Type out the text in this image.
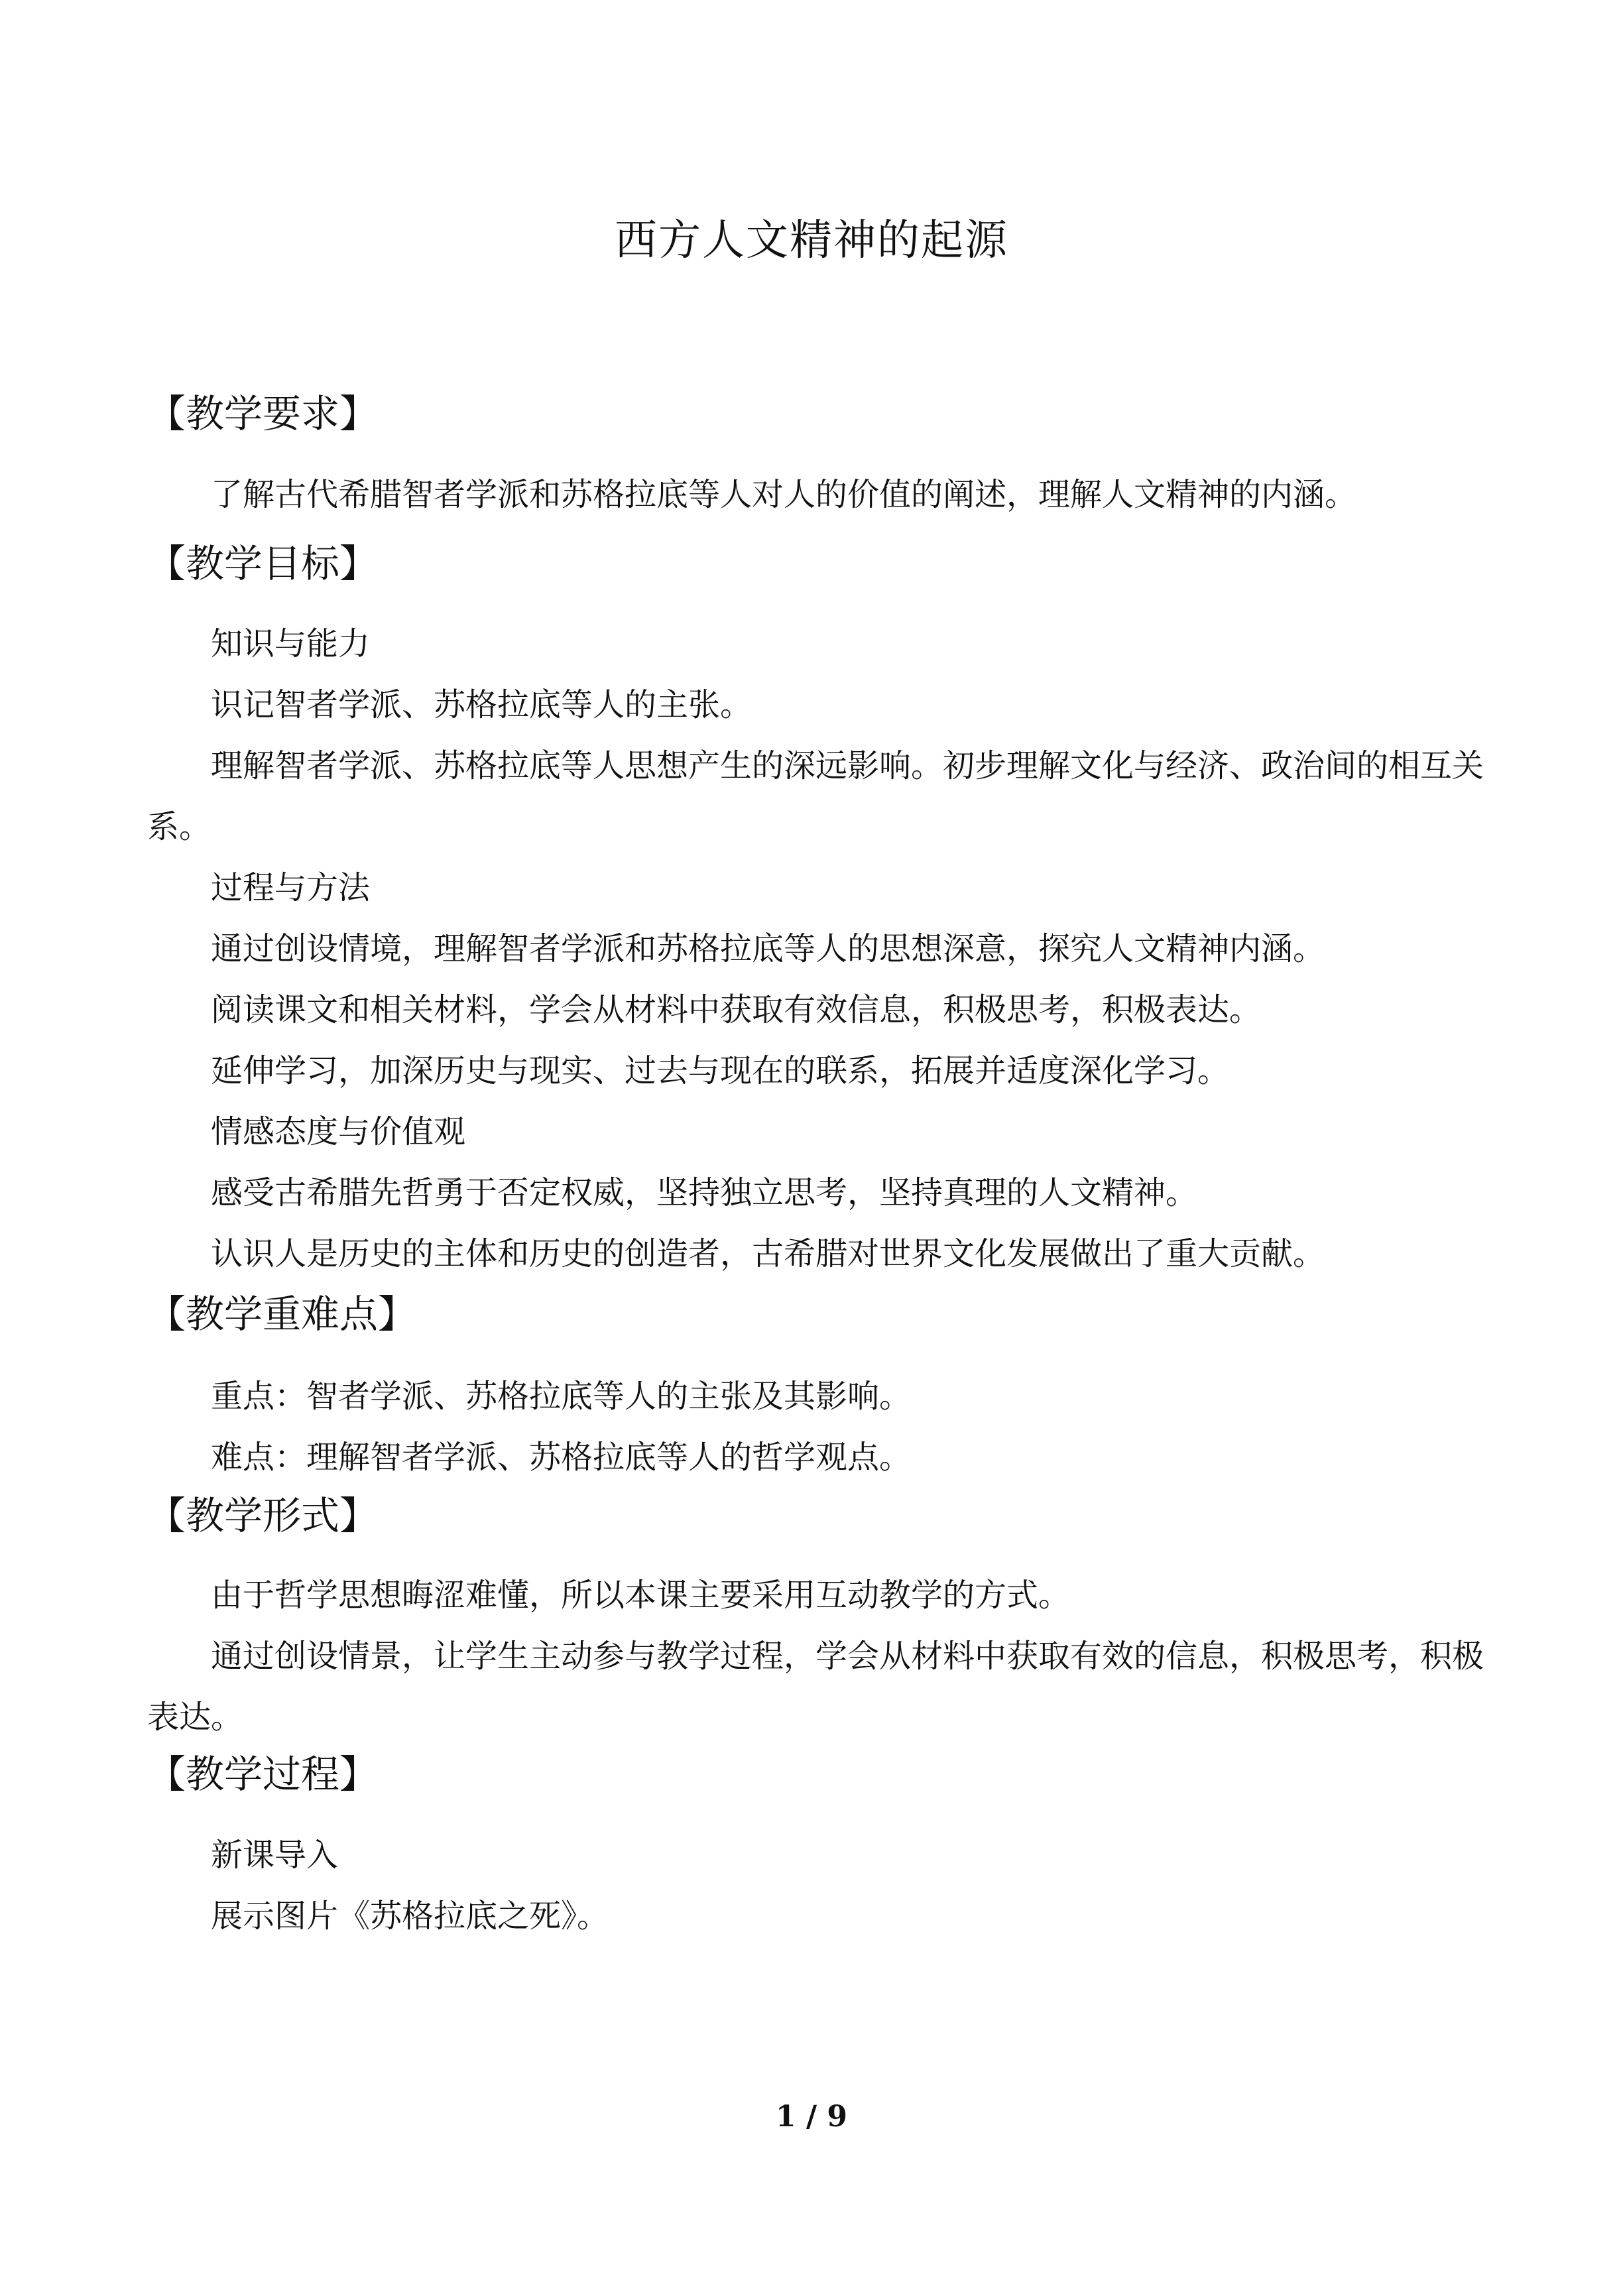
西方人文精神的起源
【教学要求】
了解古代希腊智者学派和苏格拉底等人对人的价值的阐述，理解人文精神的内涵。
【教学目标】
知识与能力
识记智者学派、苏格拉底等人的主张。
理解智者学派、苏格拉底等人思想产生的深远影响。初步理解文化与经济、政治间的相互关系。
过程与方法
通过创设情境，理解智者学派和苏格拉底等人的思想深意，探究人文精神内涵。
阅读课文和相关材料，学会从材料中获取有效信息，积极思考，积极表达。
延伸学习，加深历史与现实、过去与现在的联系，拓展并适度深化学习。
情感态度与价值观
感受古希腊先哲勇于否定权威，坚持独立思考，坚持真理的人文精神。
认识人是历史的主体和历史的创造者，古希腊对世界文化发展做出了重大贡献。
【教学重难点】
重点：智者学派、苏格拉底等人的主张及其影响。
难点：理解智者学派、苏格拉底等人的哲学观点。
【教学形式】
由于哲学思想晦涩难懂，所以本课主要采用互动教学的方式。
通过创设情景，让学生主动参与教学过程，学会从材料中获取有效的信息，积极思考，积极表达。
【教学过程】
新课导入
展示图片《苏格拉底之死》。
1 / 9
